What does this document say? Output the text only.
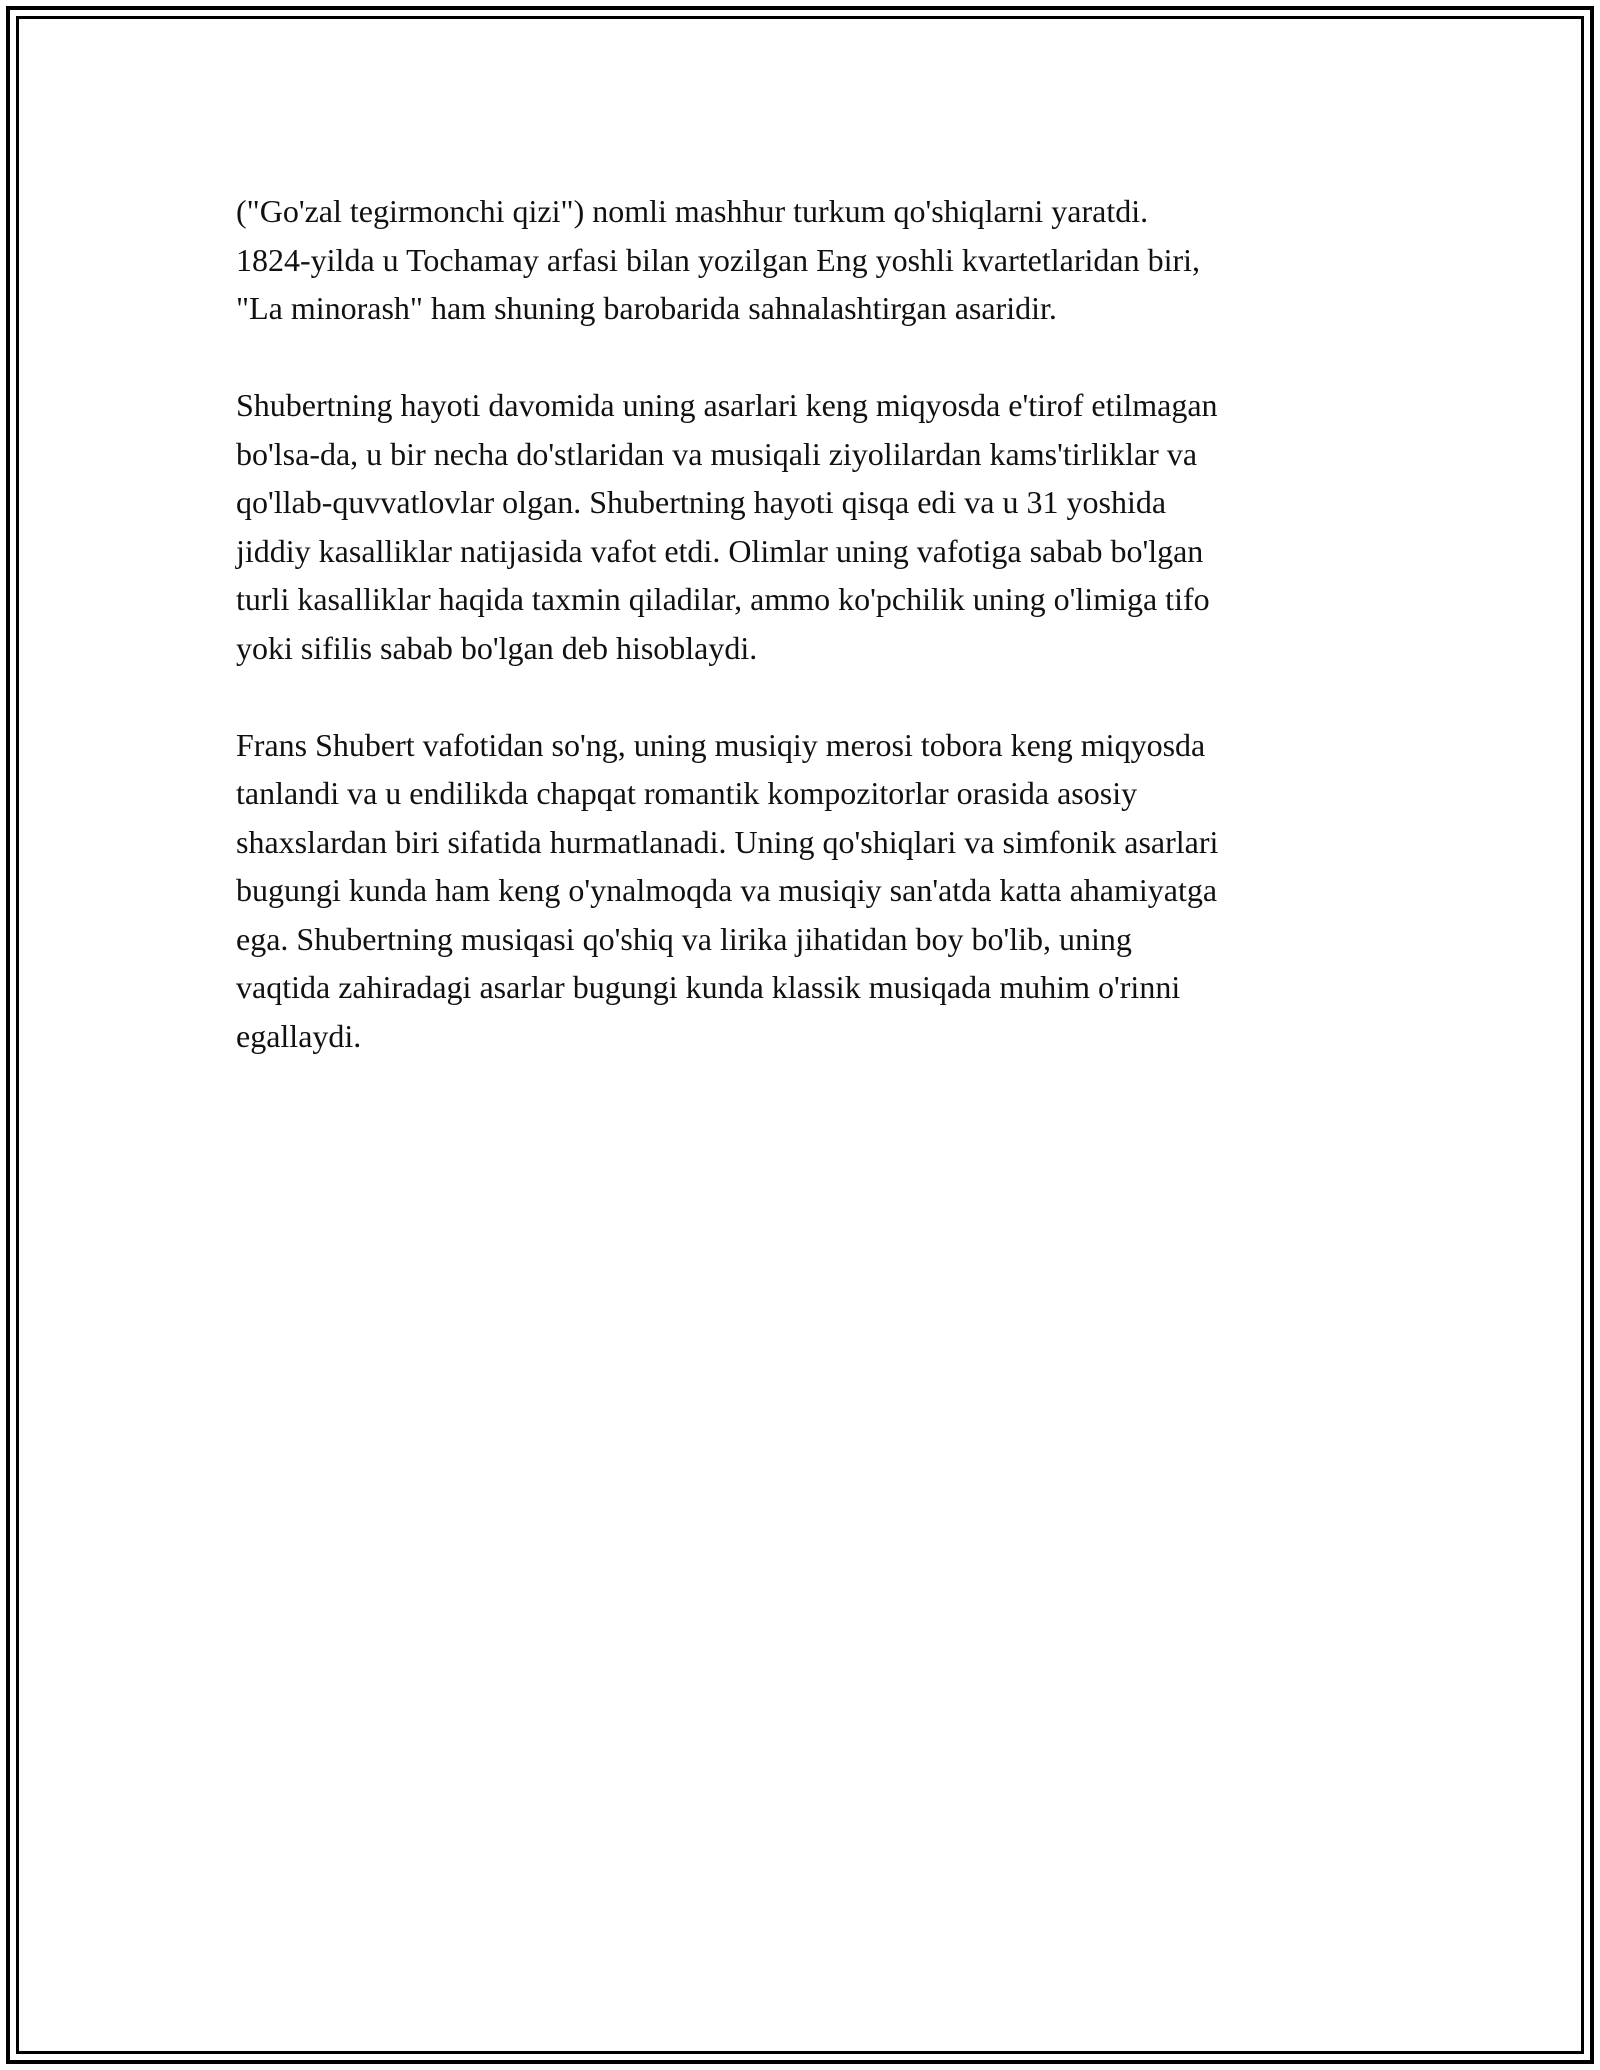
("Go'zal tegirmonchi qizi") nomli mashhur turkum qo'shiqlarni yaratdi.
1824-yilda u Tochamay arfasi bilan yozilgan Eng yoshli kvartetlaridan biri,
"La minorash" ham shuning barobarida sahnalashtirgan asaridir.

Shubertning hayoti davomida uning asarlari keng miqyosda e'tirof etilmagan
bo'lsa-da, u bir necha do'stlaridan va musiqali ziyolilardan kams'tirliklar va
qo'llab-quvvatlovlar olgan. Shubertning hayoti qisqa edi va u 31 yoshida
jiddiy kasalliklar natijasida vafot etdi. Olimlar uning vafotiga sabab bo'lgan
turli kasalliklar haqida taxmin qiladilar, ammo ko'pchilik uning o'limiga tifo
yoki sifilis sabab bo'lgan deb hisoblaydi.

Frans Shubert vafotidan so'ng, uning musiqiy merosi tobora keng miqyosda
tanlandi va u endilikda chapqat romantik kompozitorlar orasida asosiy
shaxslardan biri sifatida hurmatlanadi. Uning qo'shiqlari va simfonik asarlari
bugungi kunda ham keng o'ynalmoqda va musiqiy san'atda katta ahamiyatga
ega. Shubertning musiqasi qo'shiq va lirika jihatidan boy bo'lib, uning
vaqtida zahiradagi asarlar bugungi kunda klassik musiqada muhim o'rinni
egallaydi.
